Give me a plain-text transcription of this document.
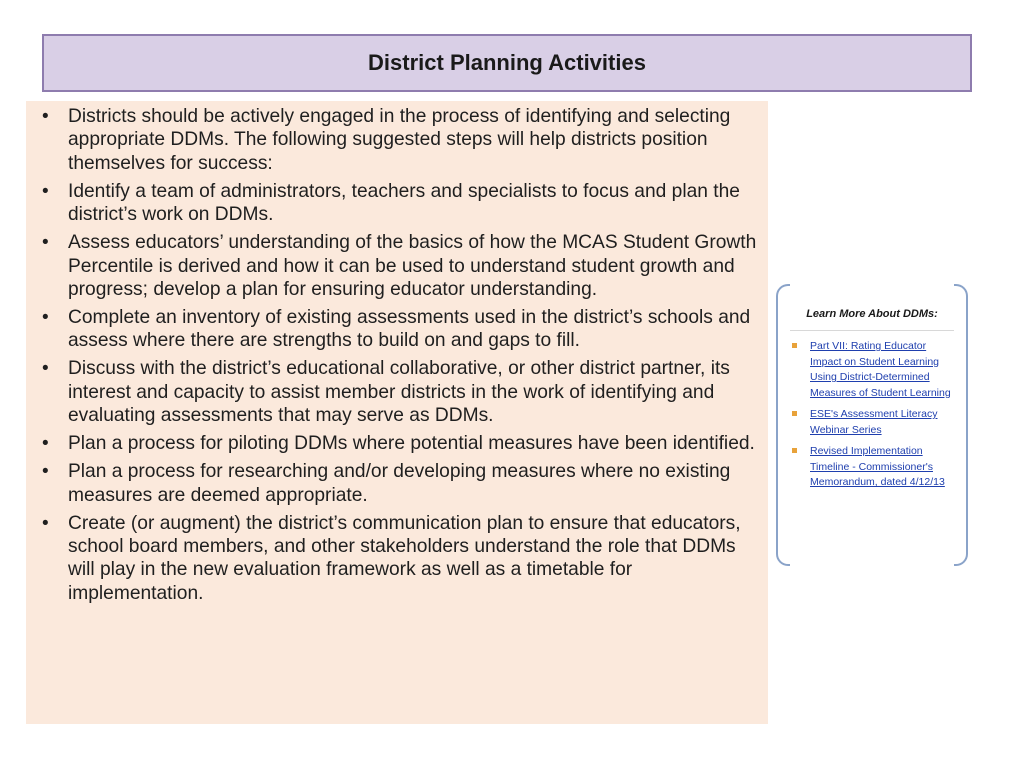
District Planning Activities
• Districts should be actively engaged in the process of identifying and selecting appropriate DDMs. The following suggested steps will help districts position themselves for success:
• Identify a team of administrators, teachers and specialists to focus and plan the district’s work on DDMs.
• Assess educators’ understanding of the basics of how the MCAS Student Growth Percentile is derived and how it can be used to understand student growth and progress; develop a plan for ensuring educator understanding.
• Complete an inventory of existing assessments used in the district’s schools and assess where there are strengths to build on and gaps to fill.
• Discuss with the district’s educational collaborative, or other district partner, its interest and capacity to assist member districts in the work of identifying and evaluating assessments that may serve as DDMs.
• Plan a process for piloting DDMs where potential measures have been identified.
• Plan a process for researching and/or developing measures where no existing measures are deemed appropriate.
• Create (or augment) the district’s communication plan to ensure that educators, school board members, and other stakeholders understand the role that DDMs will play in the new evaluation framework as well as a timetable for implementation.
Learn More About DDMs:
Part VII: Rating Educator Impact on Student Learning Using District-Determined Measures of Student Learning
ESE's Assessment Literacy Webinar Series
Revised Implementation Timeline - Commissioner's Memorandum, dated 4/12/13
